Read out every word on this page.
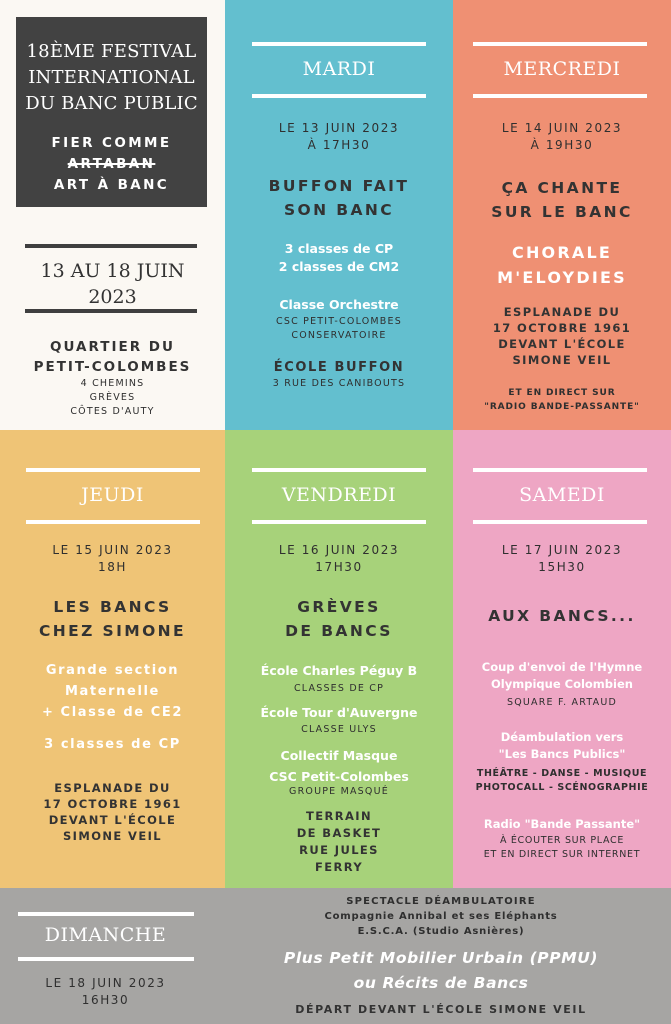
18ÈME FESTIVAL
INTERNATIONAL
DU BANC PUBLIC
FIER COMME
ARTABAN
ART À BANC
13 AU 18 JUIN
2023
QUARTIER DU
PETIT-COLOMBES
4 CHEMINS
GRÈVES
CÔTES D'AUTY
MARDI
LE 13 JUIN 2023
À 17H30
BUFFON FAIT
SON BANC
3 classes de CP
2 classes de CM2
Classe Orchestre
CSC PETIT-COLOMBES
CONSERVATOIRE
ÉCOLE BUFFON
3 RUE DES CANIBOUTS
MERCREDI
LE 14 JUIN 2023
À 19H30
ÇA CHANTE
SUR LE BANC
CHORALE
M'ELOYDIES
ESPLANADE DU
17 OCTOBRE 1961
DEVANT L'ÉCOLE
SIMONE VEIL
ET EN DIRECT SUR
"RADIO BANDE-PASSANTE"
JEUDI
LE 15 JUIN 2023
18H
LES BANCS
CHEZ SIMONE
Grande section
Maternelle
+ Classe de CE2
3 classes de CP
ESPLANADE DU
17 OCTOBRE 1961
DEVANT L'ÉCOLE
SIMONE VEIL
VENDREDI
LE 16 JUIN 2023
17H30
GRÈVES
DE BANCS
École Charles Péguy B
CLASSES DE CP
École Tour d'Auvergne
CLASSE ULYS
Collectif Masque
CSC Petit-Colombes
GROUPE MASQUÉ
TERRAIN
DE BASKET
RUE JULES
FERRY
SAMEDI
LE 17 JUIN 2023
15H30
AUX BANCS...
Coup d'envoi de l'Hymne
Olympique Colombien
SQUARE F. ARTAUD
Déambulation vers
"Les Bancs Publics"
THÉÂTRE - DANSE - MUSIQUE
PHOTOCALL - SCÉNOGRAPHIE
Radio "Bande Passante"
À ÉCOUTER SUR PLACE
ET EN DIRECT SUR INTERNET
DIMANCHE
LE 18 JUIN 2023
16H30
SPECTACLE DÉAMBULATOIRE
Compagnie Annibal et ses Eléphants
E.S.C.A. (Studio Asnières)
Plus Petit Mobilier Urbain (PPMU)
ou Récits de Bancs
DÉPART DEVANT L'ÉCOLE SIMONE VEIL
